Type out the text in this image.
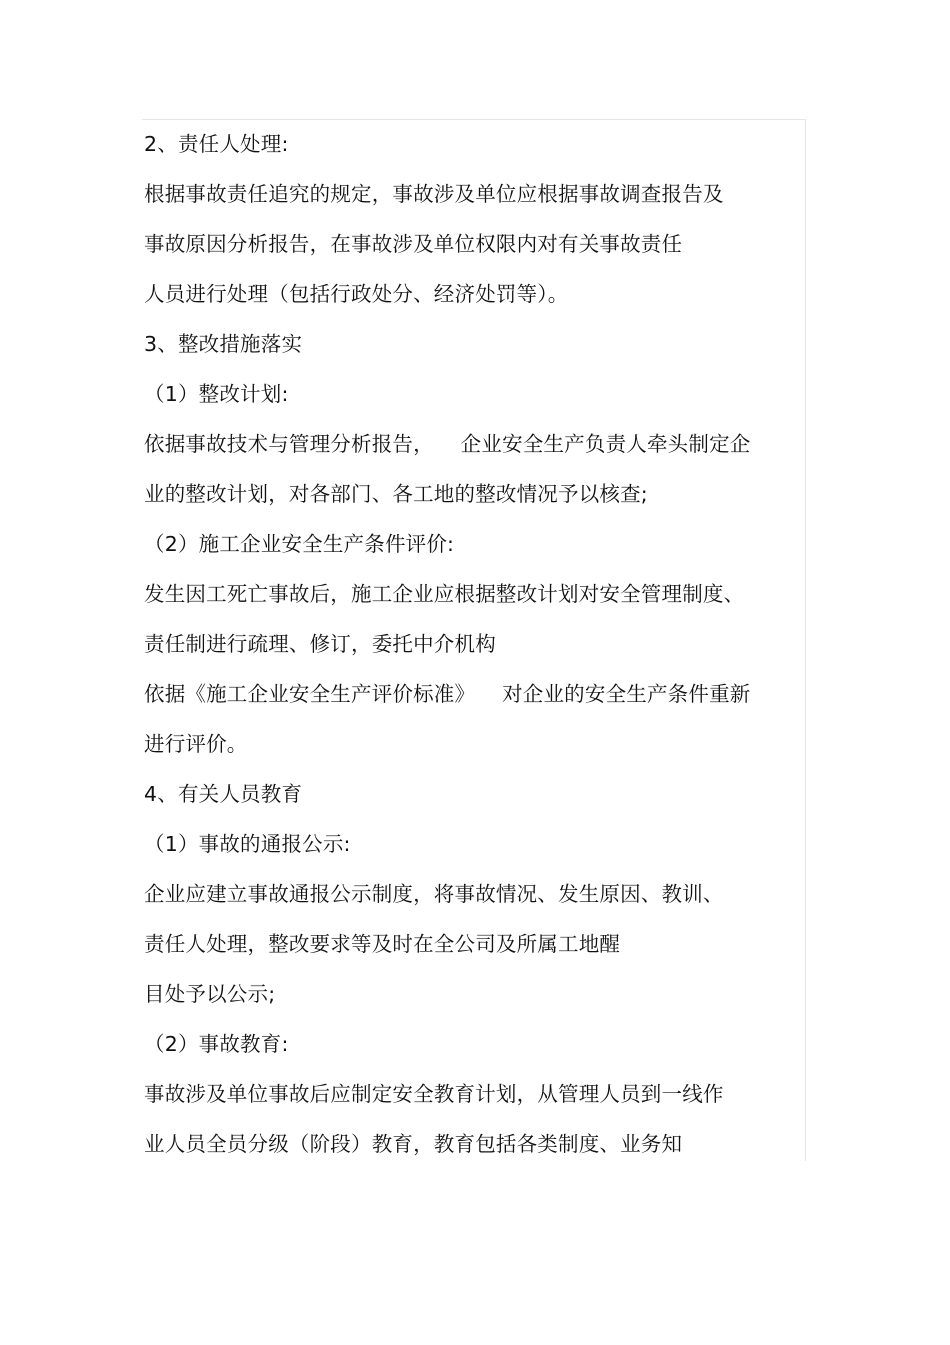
2、责任人处理:
根据事故责任追究的规定，事故涉及单位应根据事故调查报告及
事故原因分析报告，在事故涉及单位权限内对有关事故责任
人员进行处理（包括行政处分、经济处罚等）。
3、整改措施落实
（1）整改计划:
依据事故技术与管理分析报告，    企业安全生产负责人牵头制定企
业的整改计划，对各部门、各工地的整改情况予以核查;
（2）施工企业安全生产条件评价:
发生因工死亡事故后，施工企业应根据整改计划对安全管理制度、
责任制进行疏理、修订，委托中介机构
依据《施工企业安全生产评价标准》    对企业的安全生产条件重新
进行评价。
4、有关人员教育
（1）事故的通报公示:
企业应建立事故通报公示制度，将事故情况、发生原因、教训、
责任人处理，整改要求等及时在全公司及所属工地醒
目处予以公示;
（2）事故教育:
事故涉及单位事故后应制定安全教育计划，从管理人员到一线作
业人员全员分级（阶段）教育，教育包括各类制度、业务知
